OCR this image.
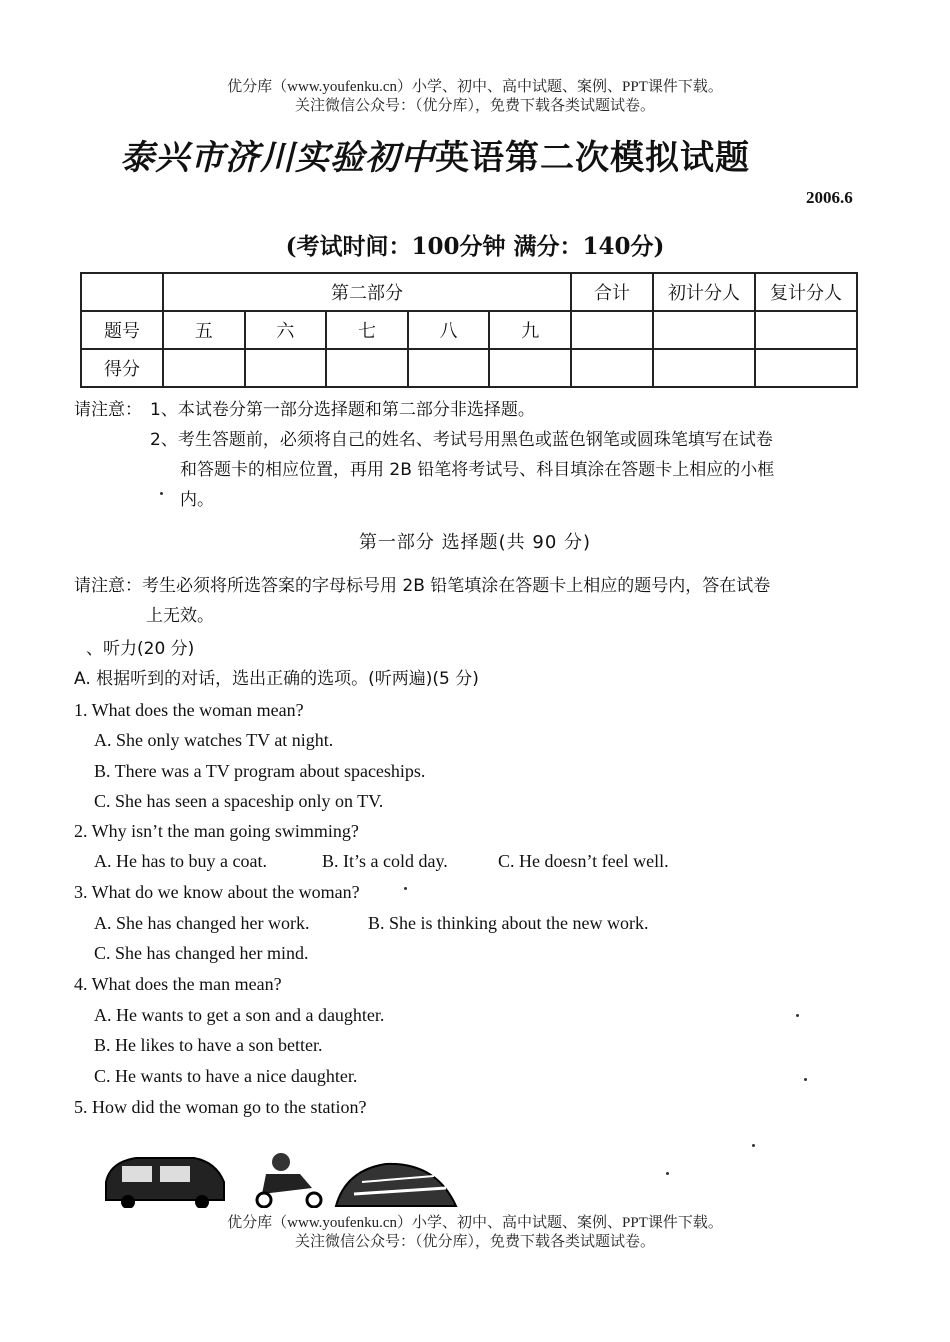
优分库（www.youfenku.cn）小学、初中、高中试题、案例、PPT课件下载。
关注微信公众号：（优分库），免费下载各类试题试卷。
泰兴市济川实验初中英语第二次模拟试题
2006.6
(考试时间：100分钟 满分：140分)
	第二部分					合计	初计分人	复计分人
题号	五	六	七	八	九			
得分								
请注意： 1、本试卷分第一部分选择题和第二部分非选择题。
2、考生答题前，必须将自己的姓名、考试号用黑色或蓝色钢笔或圆珠笔填写在试卷
和答题卡的相应位置，再用 2B 铅笔将考试号、科目填涂在答题卡上相应的小框
内。
第一部分 选择题(共 90 分)
请注意：考生必须将所选答案的字母标号用 2B 铅笔填涂在答题卡上相应的题号内，答在试卷
上无效。
、听力(20 分)
A. 根据听到的对话，选出正确的选项。(听两遍)(5 分)
1. What does the woman mean?
A. She only watches TV at night.
B. There was a TV program about spaceships.
C. She has seen a spaceship only on TV.
2. Why isn’t the man going swimming?
A. He has to buy a coat.	B. It’s a cold day.	C. He doesn’t feel well.
3. What do we know about the woman?
A. She has changed her work.	B. She is thinking about the new work.
C. She has changed her mind.
4. What does the man mean?
A. He wants to get a son and a daughter.
B. He likes to have a son better.
C. He wants to have a nice daughter.
5. How did the woman go to the station?
优分库（www.youfenku.cn）小学、初中、高中试题、案例、PPT课件下载。
关注微信公众号：（优分库），免费下载各类试题试卷。
